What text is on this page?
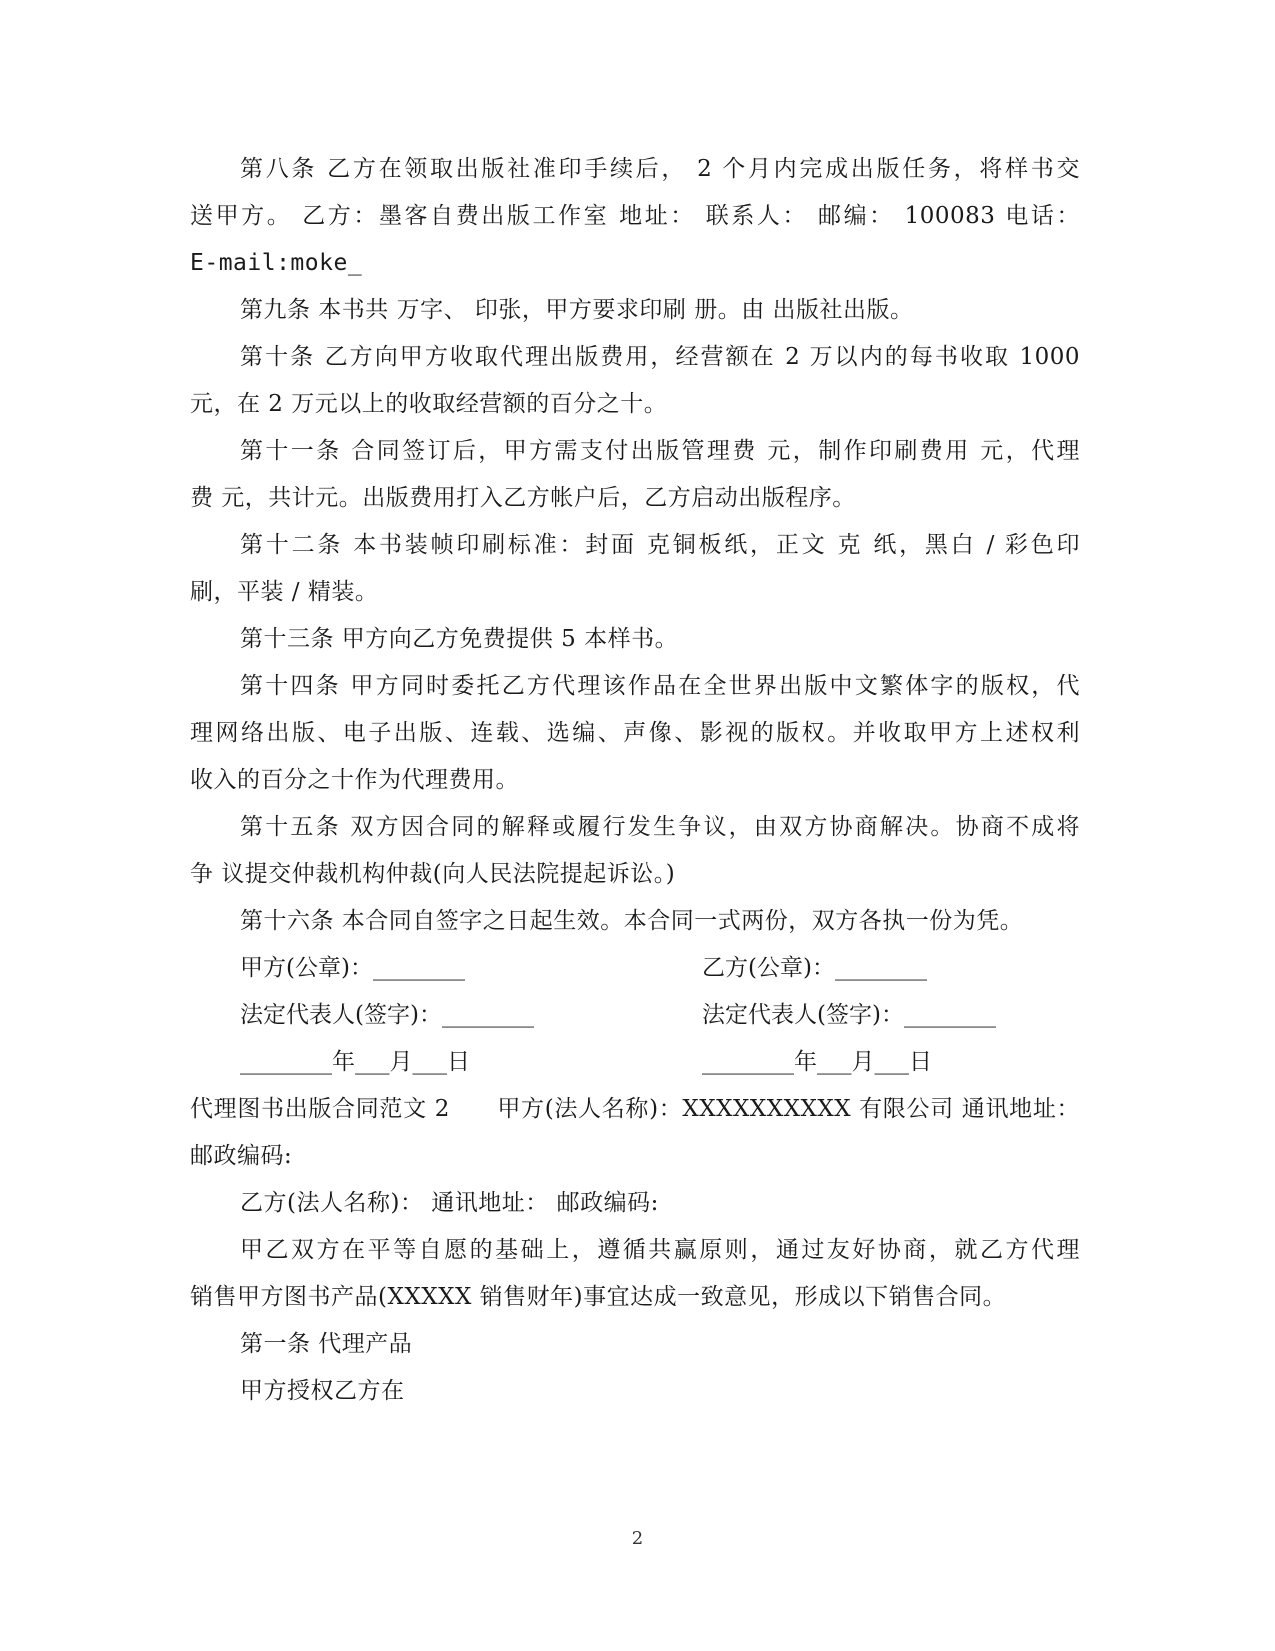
第八条 乙方在领取出版社准印手续后， 2 个月内完成出版任务，将样书交
送甲方。 乙方：墨客自费出版工作室 地址： 联系人： 邮编： 100083 电话：
E-mail:moke_
第九条 本书共 万字、 印张，甲方要求印刷 册。由 出版社出版。
第十条 乙方向甲方收取代理出版费用，经营额在 2 万以内的每书收取 1000
元，在 2 万元以上的收取经营额的百分之十。
第十一条 合同签订后，甲方需支付出版管理费 元，制作印刷费用 元，代理
费 元，共计元。出版费用打入乙方帐户后，乙方启动出版程序。
第十二条 本书装帧印刷标准：封面 克铜板纸，正文 克 纸，黑白 / 彩色印
刷，平装 / 精装。
第十三条 甲方向乙方免费提供 5 本样书。
第十四条 甲方同时委托乙方代理该作品在全世界出版中文繁体字的版权，代
理网络出版、电子出版、连载、选编、声像、影视的版权。并收取甲方上述权利
收入的百分之十作为代理费用。
第十五条 双方因合同的解释或履行发生争议，由双方协商解决。协商不成将
争 议提交仲裁机构仲裁(向人民法院提起诉讼。)
第十六条 本合同自签字之日起生效。本合同一式两份，双方各执一份为凭。
甲方(公章)：________	乙方(公章)：________
法定代表人(签字)：________	法定代表人(签字)：________
________年___月___日	________年___月___日
代理图书出版合同范文 2　　甲方(法人名称)：XXXXXXXXXX 有限公司 通讯地址：
邮政编码:
乙方(法人名称)： 通讯地址： 邮政编码:
甲乙双方在平等自愿的基础上，遵循共赢原则，通过友好协商，就乙方代理
销售甲方图书产品(XXXXX 销售财年)事宜达成一致意见，形成以下销售合同。
第一条 代理产品
甲方授权乙方在
2
